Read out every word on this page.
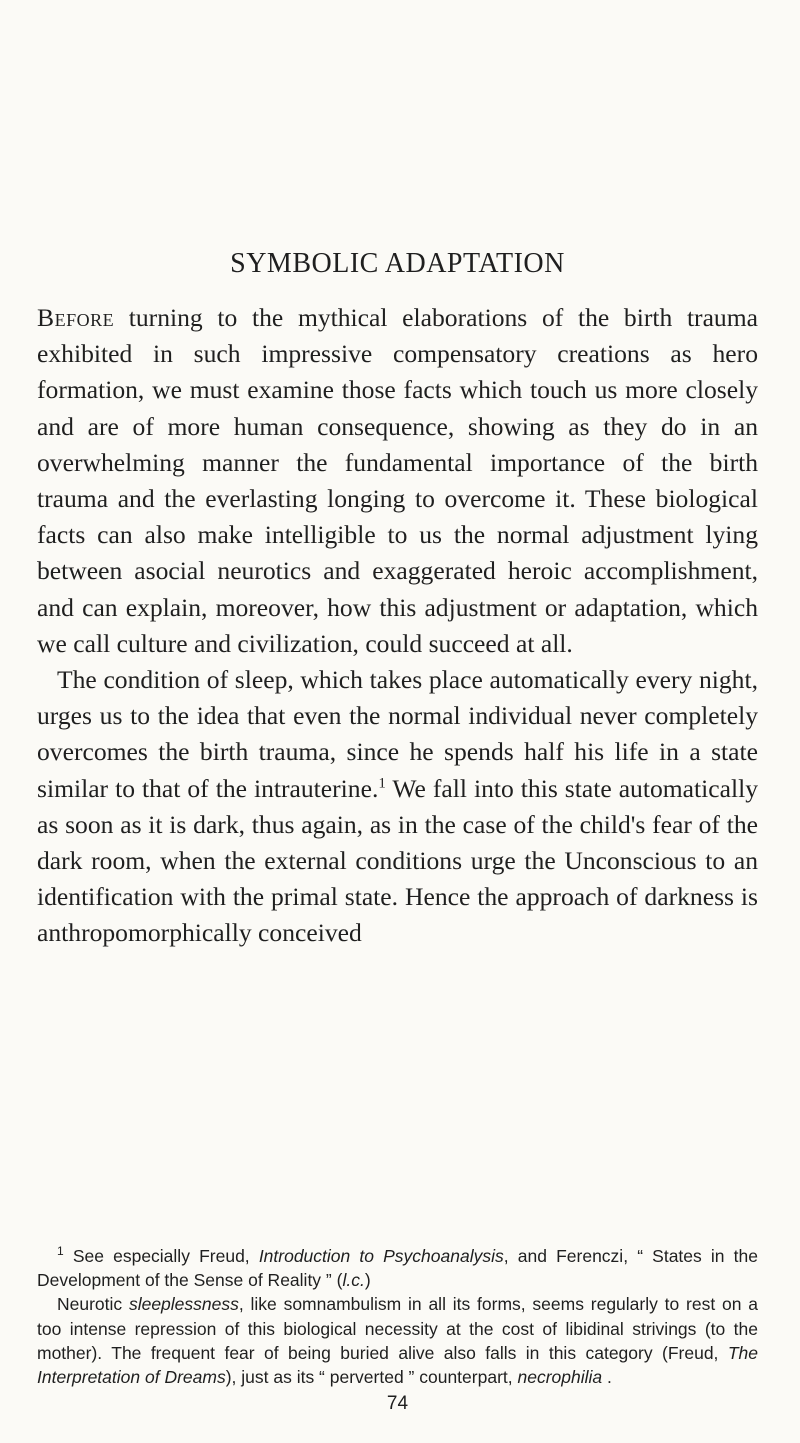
SYMBOLIC ADAPTATION

Before turning to the mythical elaborations of the birth trauma exhibited in such impressive compensatory creations as hero formation, we must examine those facts which touch us more closely and are of more human consequence, showing as they do in an overwhelming manner the fundamental importance of the birth trauma and the everlasting longing to overcome it. These biological facts can also make intelligible to us the normal adjustment lying between asocial neurotics and exaggerated heroic accomplishment, and can explain, moreover, how this adjustment or adaptation, which we call culture and civilization, could succeed at all.

The condition of sleep, which takes place automatically every night, urges us to the idea that even the normal individual never completely overcomes the birth trauma, since he spends half his life in a state similar to that of the intrauterine.$^1$ We fall into this state automatically as soon as it is dark, thus again, as in the case of the child's fear of the dark room, when the external conditions urge the Unconscious to an identification with the primal state. Hence the approach of darkness is anthropomorphically conceived

$^1$ See especially Freud, Introduction to Psychoanalysis, and Ferenczi, “ States in the Development of the Sense of Reality ” (l.c.)

Neurotic sleeplessness, like somnambulism in all its forms, seems regularly to rest on a too intense repression of this biological necessity at the cost of libidinal strivings (to the mother). The frequent fear of being buried alive also falls in this category (Freud, The Interpretation of Dreams), just as its “ perverted ” counterpart, necrophilia .

74
